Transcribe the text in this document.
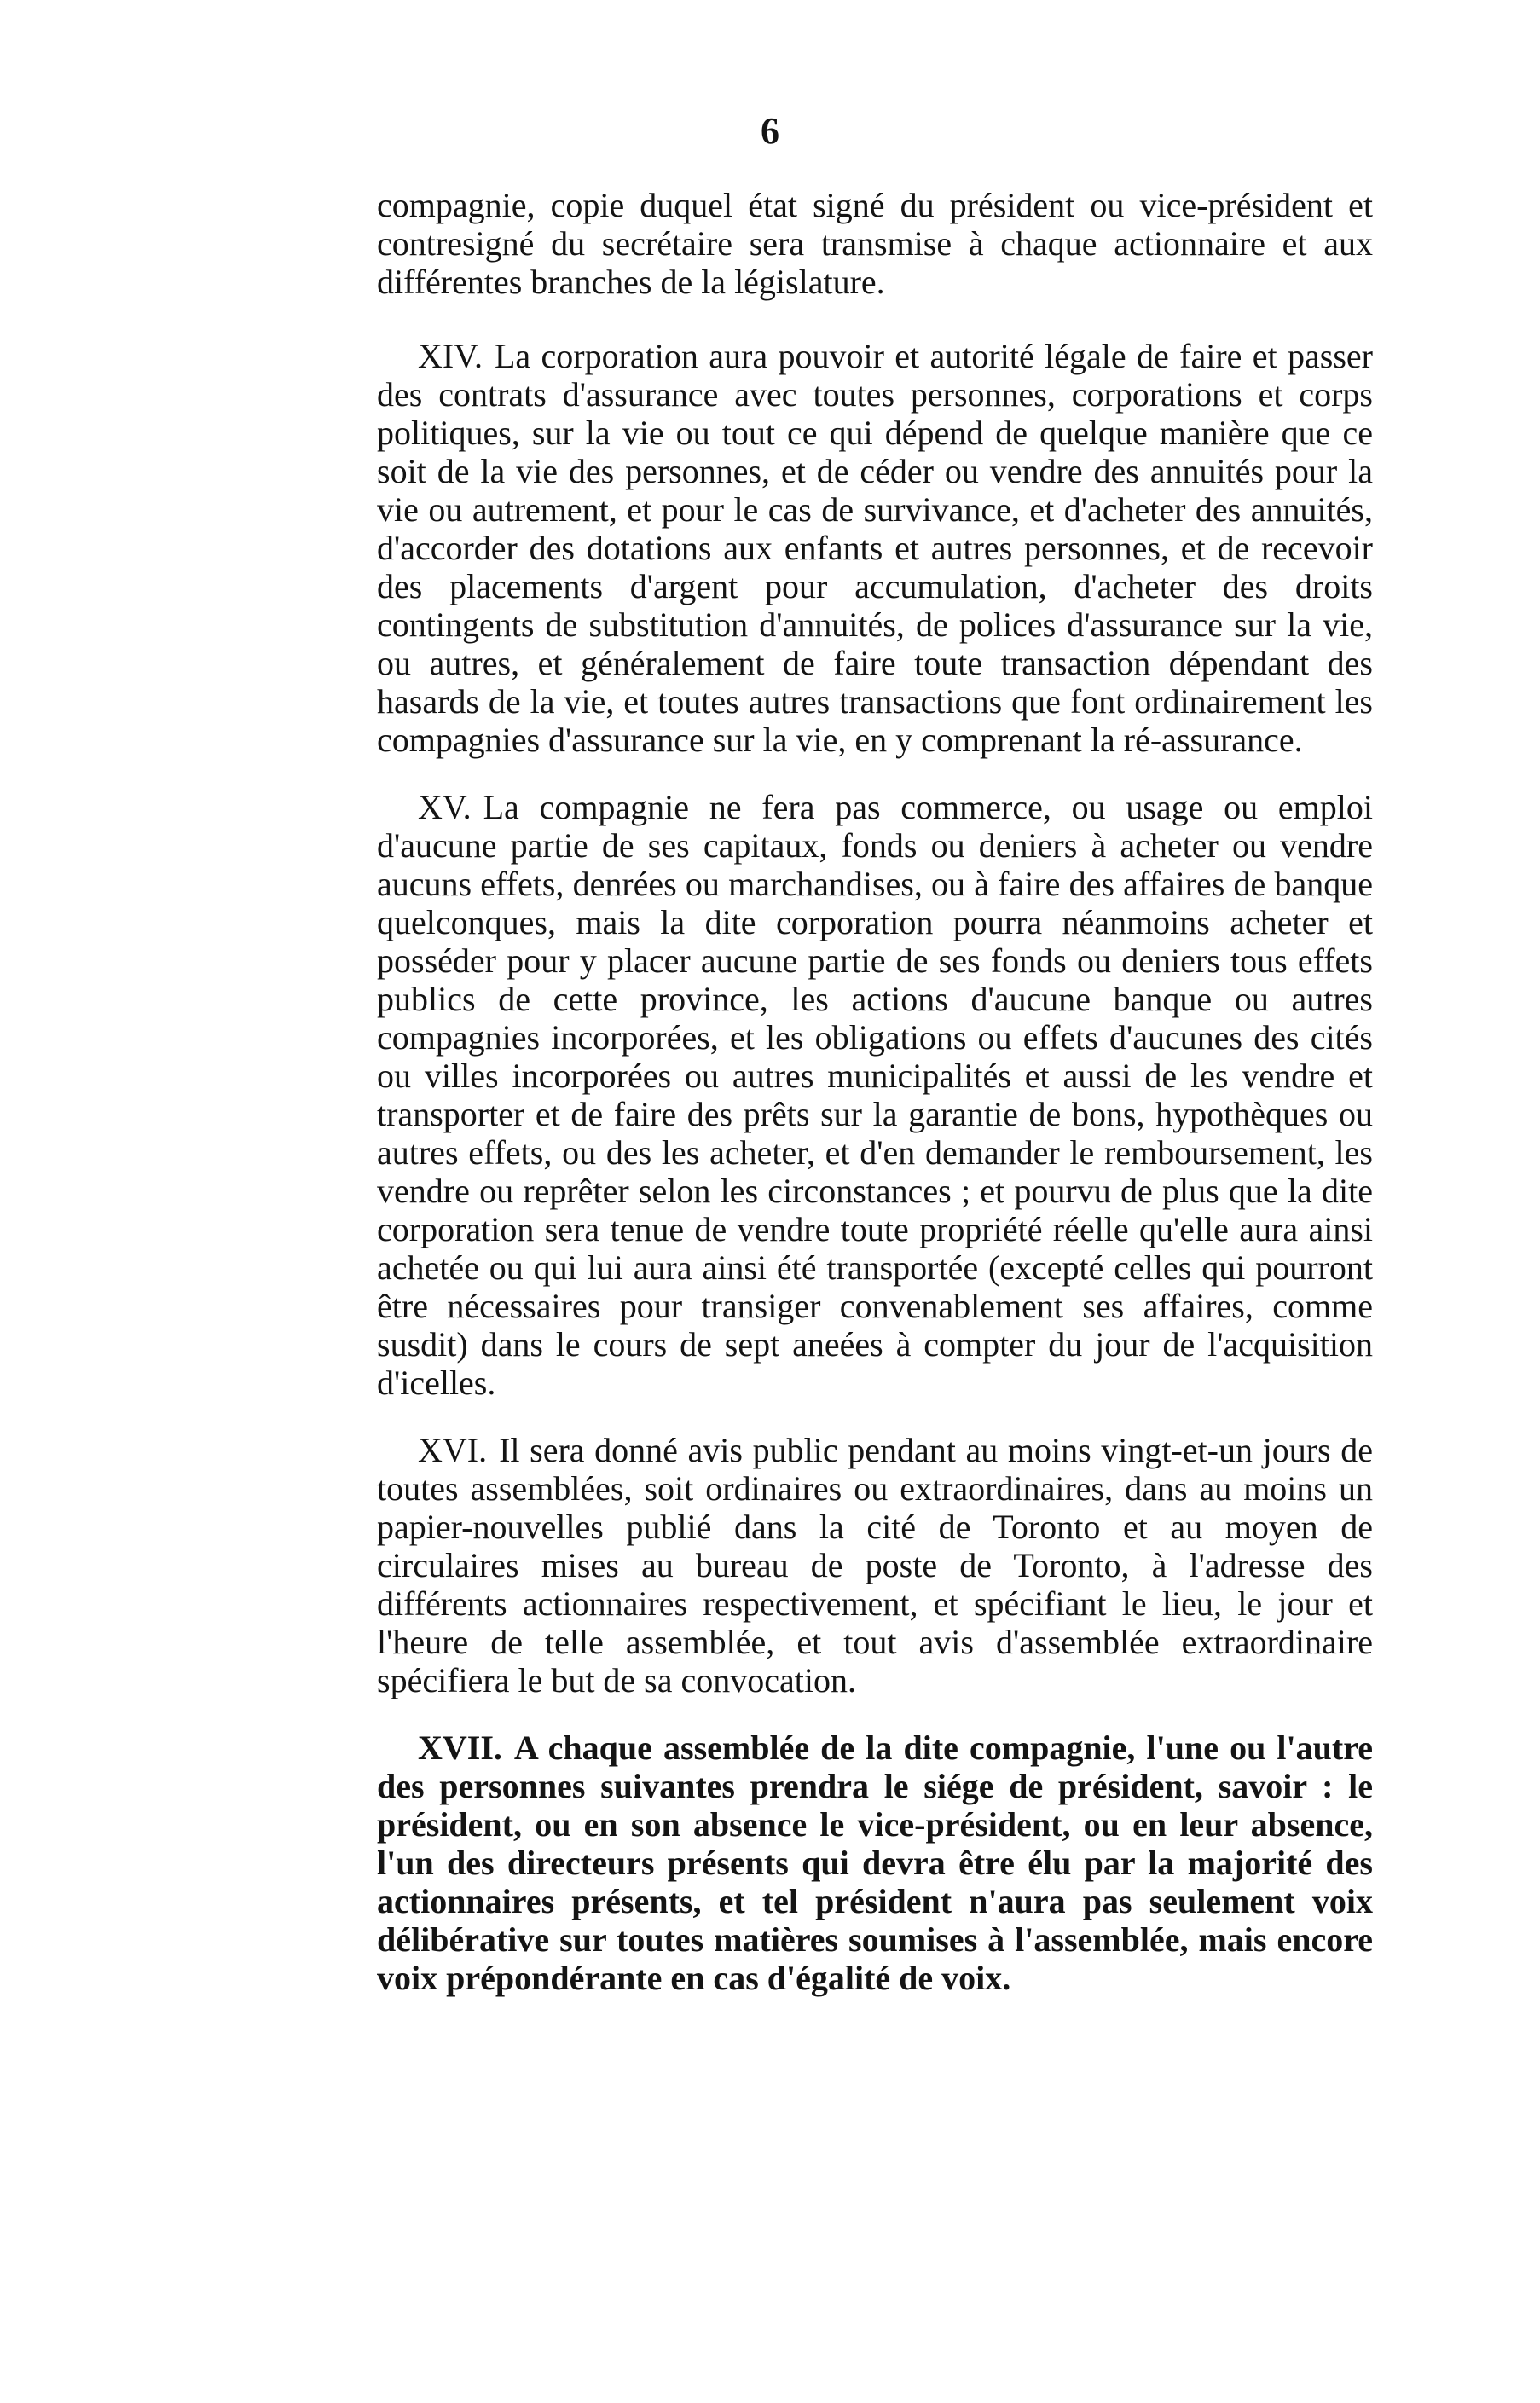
6

compagnie, copie duquel état signé du président ou vice-président et contresigné du secrétaire sera transmise à chaque actionnaire et aux différentes branches de la législature.

XIV. La corporation aura pouvoir et autorité légale de faire et passer des contrats d'assurance avec toutes personnes, corporations et corps politiques, sur la vie ou tout ce qui dépend de quelque manière que ce soit de la vie des personnes, et de céder ou vendre des annuités pour la vie ou autrement, et pour le cas de survivance, et d'acheter des annuités, d'accorder des dotations aux enfants et autres personnes, et de recevoir des placements d'argent pour accumulation, d'acheter des droits contingents de substitution d'annuités, de polices d'assurance sur la vie, ou autres, et généralement de faire toute transaction dépendant des hasards de la vie, et toutes autres transactions que font ordinairement les compagnies d'assurance sur la vie, en y comprenant la ré-assurance.

XV. La compagnie ne fera pas commerce, ou usage ou emploi d'aucune partie de ses capitaux, fonds ou deniers à acheter ou vendre aucuns effets, denrées ou marchandises, ou à faire des affaires de banque quelconques, mais la dite corporation pourra néanmoins acheter et posséder pour y placer aucune partie de ses fonds ou deniers tous effets publics de cette province, les actions d'aucune banque ou autres compagnies incorporées, et les obligations ou effets d'aucunes des cités ou villes incorporées ou autres municipalités et aussi de les vendre et transporter et de faire des prêts sur la garantie de bons, hypothèques ou autres effets, ou des les acheter, et d'en demander le remboursement, les vendre ou reprêter selon les circonstances ; et pourvu de plus que la dite corporation sera tenue de vendre toute propriété réelle qu'elle aura ainsi achetée ou qui lui aura ainsi été transportée (excepté celles qui pourront être nécessaires pour transiger convenablement ses affaires, comme susdit) dans le cours de sept aneées à compter du jour de l'acquisition d'icelles.

XVI. Il sera donné avis public pendant au moins vingt-et-un jours de toutes assemblées, soit ordinaires ou extraordinaires, dans au moins un papier-nouvelles publié dans la cité de Toronto et au moyen de circulaires mises au bureau de poste de Toronto, à l'adresse des différents actionnaires respectivement, et spécifiant le lieu, le jour et l'heure de telle assemblée, et tout avis d'assemblée extraordinaire spécifiera le but de sa convocation.

XVII. A chaque assemblée de la dite compagnie, l'une ou l'autre des personnes suivantes prendra le siége de président, savoir : le président, ou en son absence le vice-président, ou en leur absence, l'un des directeurs présents qui devra être élu par la majorité des actionnaires présents, et tel président n'aura pas seulement voix délibérative sur toutes matières soumises à l'assemblée, mais encore voix prépondérante en cas d'égalité de voix.
